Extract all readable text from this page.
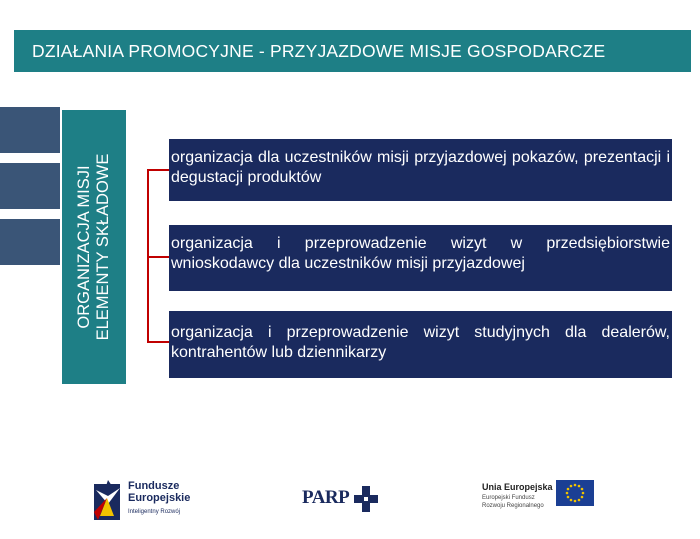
DZIAŁANIA PROMOCYJNE - PRZYJAZDOWE MISJE GOSPODARCZE
ORGANIZACJA MISJI ELEMENTY SKŁADOWE	organizacja dla uczestników misji przyjazdowej pokazów, prezentacji i degustacji produktów
organizacja i przeprowadzenie wizyt w przedsiębiorstwie wnioskodawcy dla uczestników misji przyjazdowej
organizacja i przeprowadzenie wizyt studyjnych dla dealerów, kontrahentów lub dziennikarzy
Fundusze Europejskie
Inteligentny Rozwój
PARP	Unia Europejska
Europejski Fundusz
Rozwoju Regionalnego
